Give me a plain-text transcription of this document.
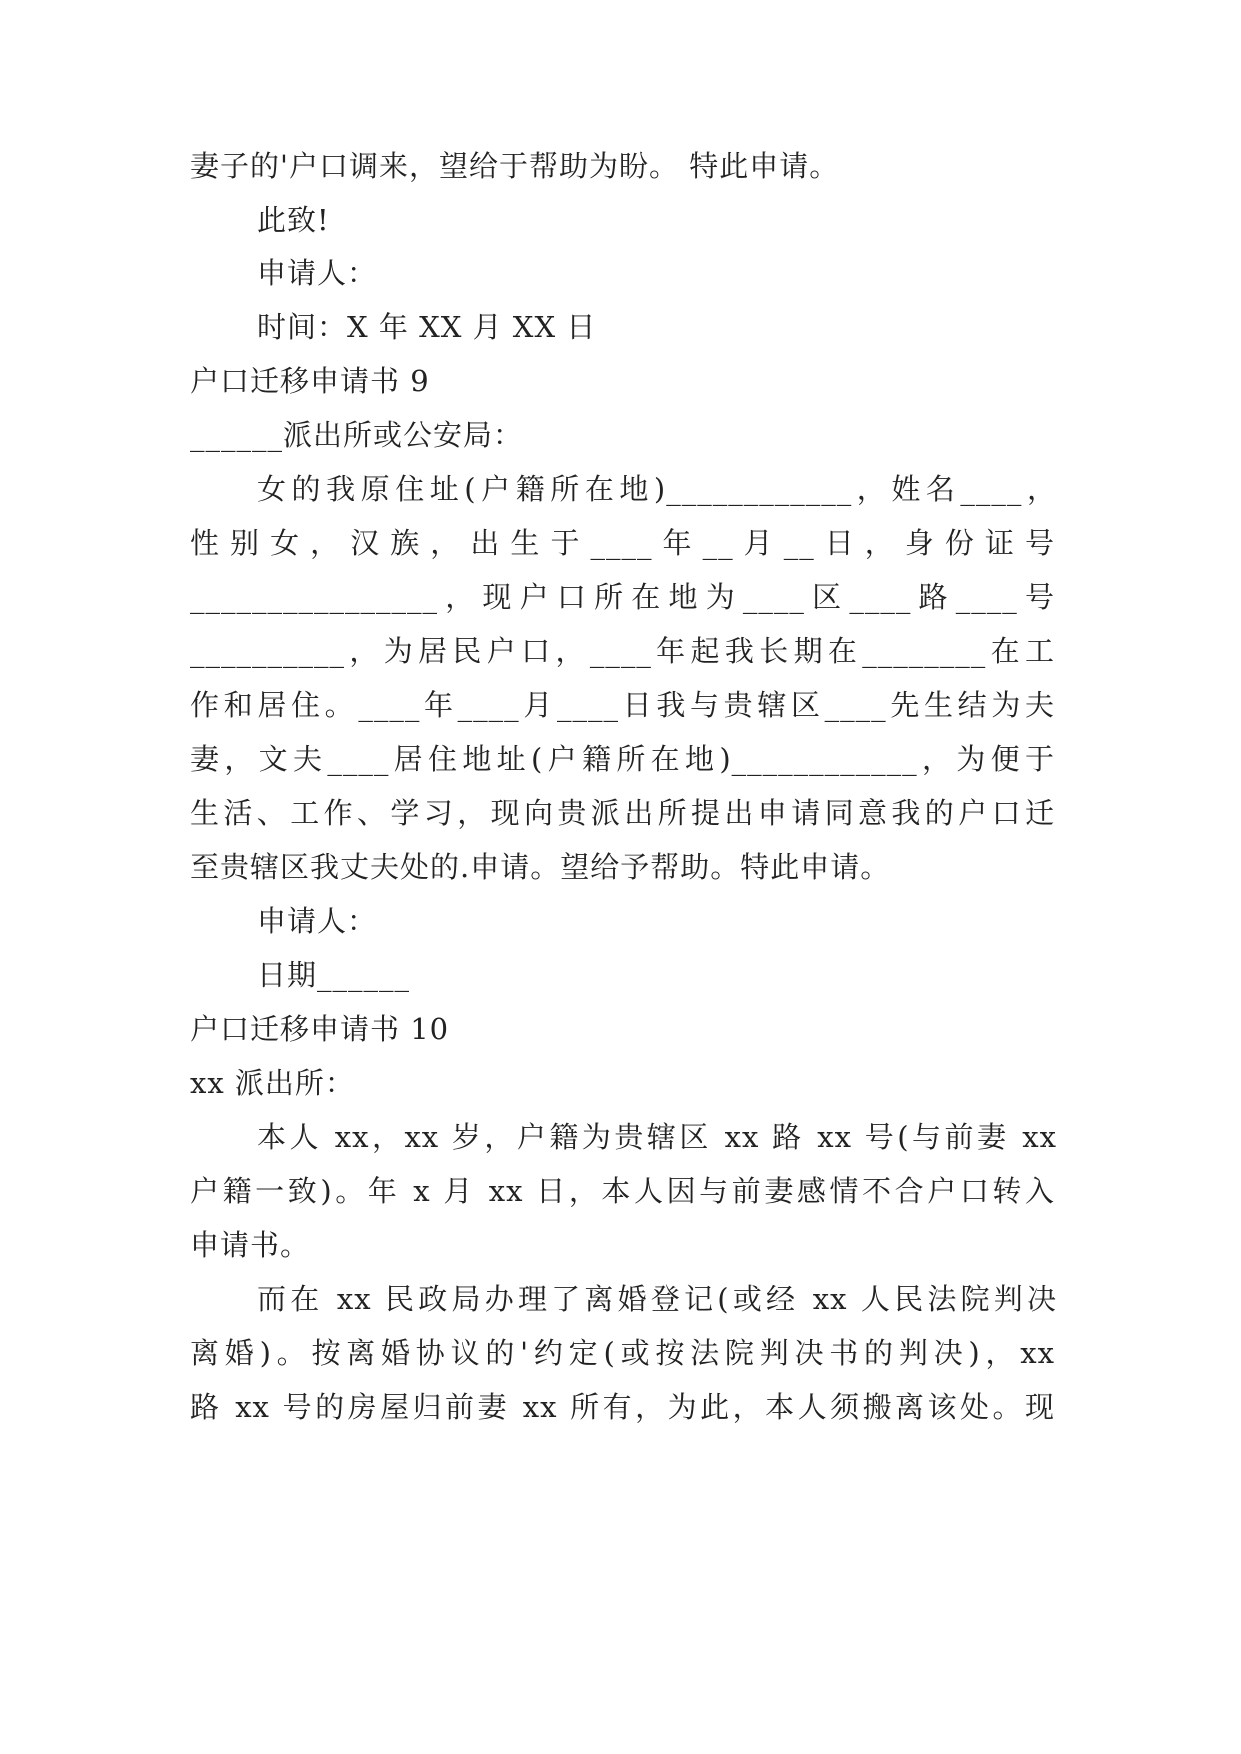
妻子的'户口调来，望给于帮助为盼。 特此申请。
此致!
申请人：
时间：X 年 XX 月 XX 日
户口迁移申请书 9
______派出所或公安局：
女的我原住址(户籍所在地)____________，姓名____，
性别女，汉族，出生于____年__月__日，身份证号
________________，现户口所在地为____区____路____号
__________，为居民户口，____年起我长期在________在工
作和居住。____年____月____日我与贵辖区____先生结为夫
妻，文夫____居住地址(户籍所在地)____________，为便于
生活、工作、学习，现向贵派出所提出申请同意我的户口迁
至贵辖区我丈夫处的.申请。望给予帮助。特此申请。
申请人：
日期______
户口迁移申请书 10
xx 派出所：
本人 xx，xx 岁，户籍为贵辖区 xx 路 xx 号(与前妻 xx
户籍一致)。年 x 月 xx 日，本人因与前妻感情不合户口转入
申请书。
而在 xx 民政局办理了离婚登记(或经 xx 人民法院判决
离婚)。按离婚协议的'约定(或按法院判决书的判决)，xx
路 xx 号的房屋归前妻 xx 所有，为此，本人须搬离该处。现
